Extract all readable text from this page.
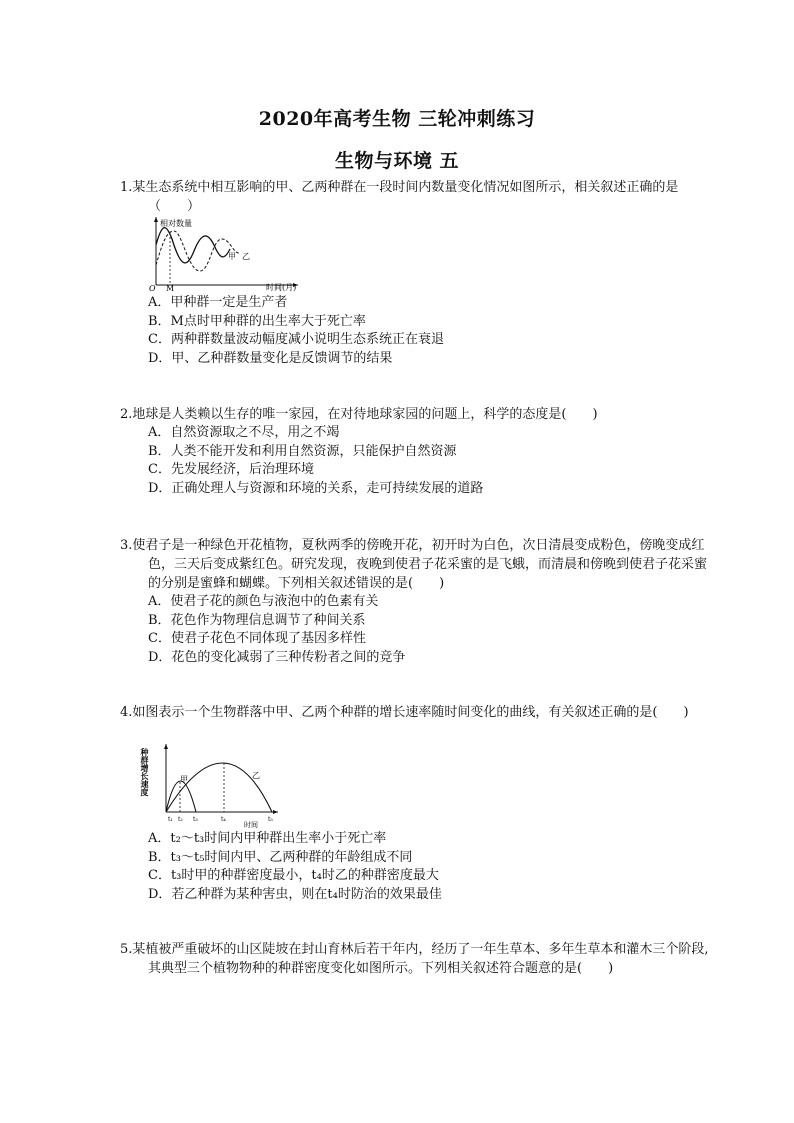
2020年高考生物 三轮冲刺练习
生物与环境 五

1.某生态系统中相互影响的甲、乙两种群在一段时间内数量变化情况如图所示，相关叙述正确的是　（　　）

相对数量
O M	时间(月)
甲 乙
A．甲种群一定是生产者
B．M点时甲种群的出生率大于死亡率
C．两种群数量波动幅度减小说明生态系统正在衰退
D．甲、乙种群数量变化是反馈调节的结果

2.地球是人类赖以生存的唯一家园，在对待地球家园的问题上，科学的态度是(　　)

A．自然资源取之不尽，用之不竭
B．人类不能开发和利用自然资源，只能保护自然资源
C．先发展经济，后治理环境
D．正确处理人与资源和环境的关系，走可持续发展的道路

3.使君子是一种绿色开花植物，夏秋两季的傍晚开花，初开时为白色，次日清晨变成粉色，傍晚变成红色，三天后变成紫红色。研究发现，夜晚到使君子花采蜜的是飞蛾，而清晨和傍晚到使君子花采蜜的分别是蜜蜂和蝴蝶。下列相关叙述错误的是(　　)

A．使君子花的颜色与液泡中的色素有关
B．花色作为物理信息调节了种间关系
C．使君子花色不同体现了基因多样性
D．花色的变化减弱了三种传粉者之间的竞争

4.如图表示一个生物群落中甲、乙两个种群的增长速率随时间变化的曲线，有关叙述正确的是(　　)

种群增长速度	甲	乙
t₁ t₂ t₃	t₄	t₅
时间
A．t₂～t₃时间内甲种群出生率小于死亡率
B．t₃～t₅时间内甲、乙两种群的年龄组成不同
C．t₃时甲的种群密度最小，t₄时乙的种群密度最大
D．若乙种群为某种害虫，则在t₄时防治的效果最佳

5.某植被严重破坏的山区陡坡在封山育林后若干年内，经历了一年生草本、多年生草本和灌木三个阶段,其典型三个植物物种的种群密度变化如图所示。下列相关叙述符合题意的是(　　)
